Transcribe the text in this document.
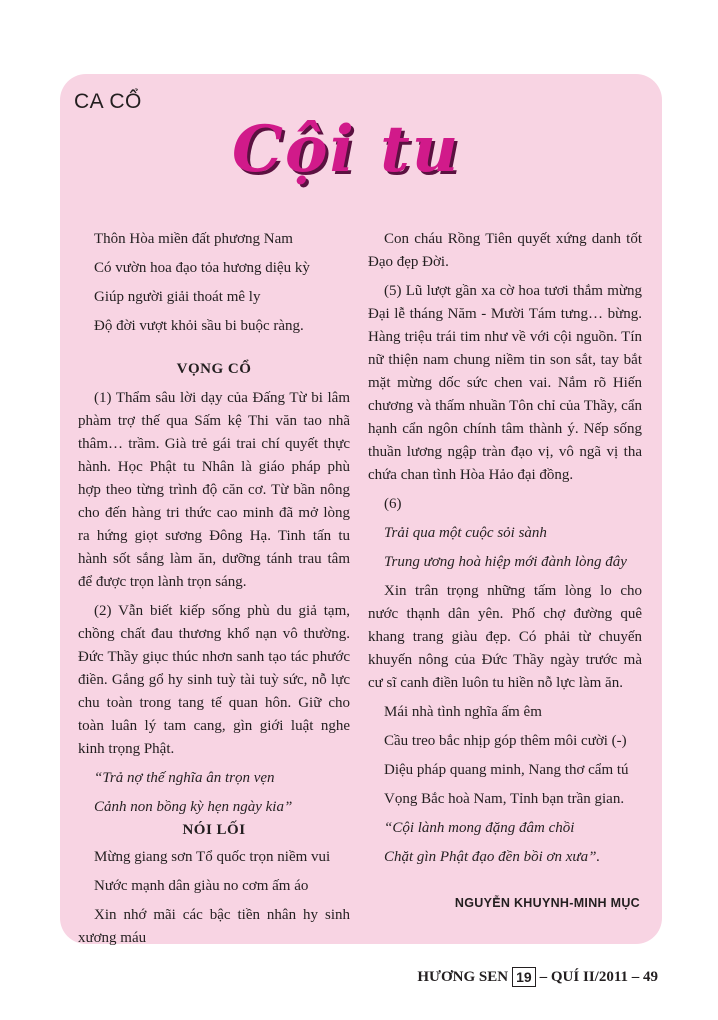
CA CỔ
Cội tu

Thôn Hòa miền đất phương Nam

Có vườn hoa đạo tỏa hương diệu kỳ

Giúp người giải thoát mê ly

Độ đời vượt khỏi sầu bi buộc ràng.

VỌNG CỔ

(1) Thẩm sâu lời dạy của Đấng Từ bi lâm phàm trợ thế qua Sấm kệ Thi văn tao nhã thâm… trầm. Già trẻ gái trai chí quyết thực hành. Học Phật tu Nhân là giáo pháp phù hợp theo từng trình độ căn cơ. Từ bần nông cho đến hàng tri thức cao minh đã mở lòng ra hứng giọt sương Đông Hạ. Tinh tấn tu hành sốt sắng làm ăn, dưỡng tánh trau tâm để được trọn lành trọn sáng.

(2) Vẫn biết kiếp sống phù du giả tạm, chồng chất đau thương khổ nạn vô thường. Đức Thầy giục thúc nhơn sanh tạo tác phước điền. Gắng gổ hy sinh tuỳ tài tuỳ sức, nỗ lực chu toàn trong tang tế quan hôn. Giữ cho toàn luân lý tam cang, gìn giới luật nghe kinh trọng Phật.

“Trả nợ thế nghĩa ân trọn vẹn

Cảnh non bồng kỳ hẹn ngày kia”

NÓI LỐI

Mừng giang sơn Tổ quốc trọn niềm vui

Nước mạnh dân giàu no cơm ấm áo

Xin nhớ mãi các bậc tiền nhân hy sinh xương máu

Con cháu Rồng Tiên quyết xứng danh tốt Đạo đẹp Đời.

(5) Lũ lượt gần xa cờ hoa tươi thắm mừng Đại lễ tháng Năm - Mười Tám tưng… bừng. Hàng triệu trái tim như về với cội nguồn. Tín nữ thiện nam chung niềm tin son sắt, tay bắt mặt mừng dốc sức chen vai. Nắm rõ Hiến chương và thấm nhuần Tôn chỉ của Thầy, cẩn hạnh cẩn ngôn chính tâm thành ý. Nếp sống thuần lương ngập tràn đạo vị, vô ngã vị tha chứa chan tình Hòa Hảo đại đồng.

(6)

Trải qua một cuộc sỏi sành

Trung ương hoà hiệp mới đành lòng đây

Xin trân trọng những tấm lòng lo cho nước thạnh dân yên. Phố chợ đường quê khang trang giàu đẹp. Có phải từ chuyến khuyến nông của Đức Thầy ngày trước mà cư sĩ canh điền luôn tu hiền nỗ lực làm ăn.

Mái nhà tình nghĩa ấm êm

Cầu treo bắc nhịp góp thêm môi cười (-)

Diệu pháp quang minh, Nang thơ cẩm tú

Vọng Bắc hoà Nam, Tỉnh bạn trần gian.

“Cội lành mong đặng đâm chồi

Chặt gìn Phật đạo đền bồi ơn xưa”.

NGUYỄN KHUYNH-MINH MỤC
HƯƠNG SEN 19 – QUÍ II/2011 – 49
